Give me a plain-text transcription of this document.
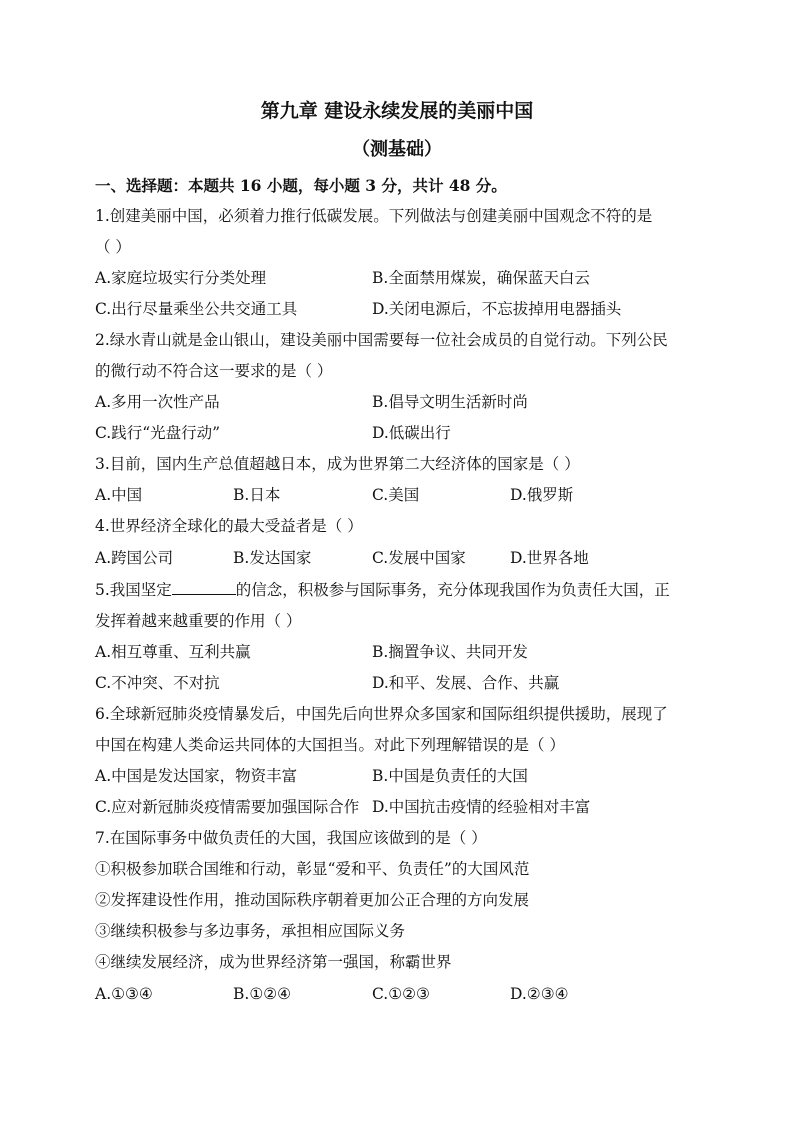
第九章 建设永续发展的美丽中国
（测基础）
一、选择题：本题共 16 小题，每小题 3 分，共计 48 分。
1.创建美丽中国，必须着力推行低碳发展。下列做法与创建美丽中国观念不符的是
（ ）
A.家庭垃圾实行分类处理	B.全面禁用煤炭，确保蓝天白云
C.出行尽量乘坐公共交通工具	D.关闭电源后，不忘拔掉用电器插头
2.绿水青山就是金山银山，建设美丽中国需要每一位社会成员的自觉行动。下列公民
的微行动不符合这一要求的是（ ）
A.多用一次性产品	B.倡导文明生活新时尚
C.践行“光盘行动”	D.低碳出行
3.目前，国内生产总值超越日本，成为世界第二大经济体的国家是（ ）
A.中国	B.日本	C.美国	D.俄罗斯
4.世界经济全球化的最大受益者是（ ）
A.跨国公司	B.发达国家	C.发展中国家	D.世界各地
5.我国坚定	的信念，积极参与国际事务，充分体现我国作为负责任大国，正
发挥着越来越重要的作用（ ）
A.相互尊重、互利共赢	B.搁置争议、共同开发
C.不冲突、不对抗	D.和平、发展、合作、共赢
6.全球新冠肺炎疫情暴发后，中国先后向世界众多国家和国际组织提供援助，展现了
中国在构建人类命运共同体的大国担当。对此下列理解错误的是（ ）
A.中国是发达国家，物资丰富	B.中国是负责任的大国
C.应对新冠肺炎疫情需要加强国际合作 D.中国抗击疫情的经验相对丰富
7.在国际事务中做负责任的大国，我国应该做到的是（ ）
①积极参加联合国维和行动，彰显“爱和平、负责任”的大国风范
②发挥建设性作用，推动国际秩序朝着更加公正合理的方向发展
③继续积极参与多边事务，承担相应国际义务
④继续发展经济，成为世界经济第一强国，称霸世界
A.①③④	B.①②④	C.①②③	D.②③④
